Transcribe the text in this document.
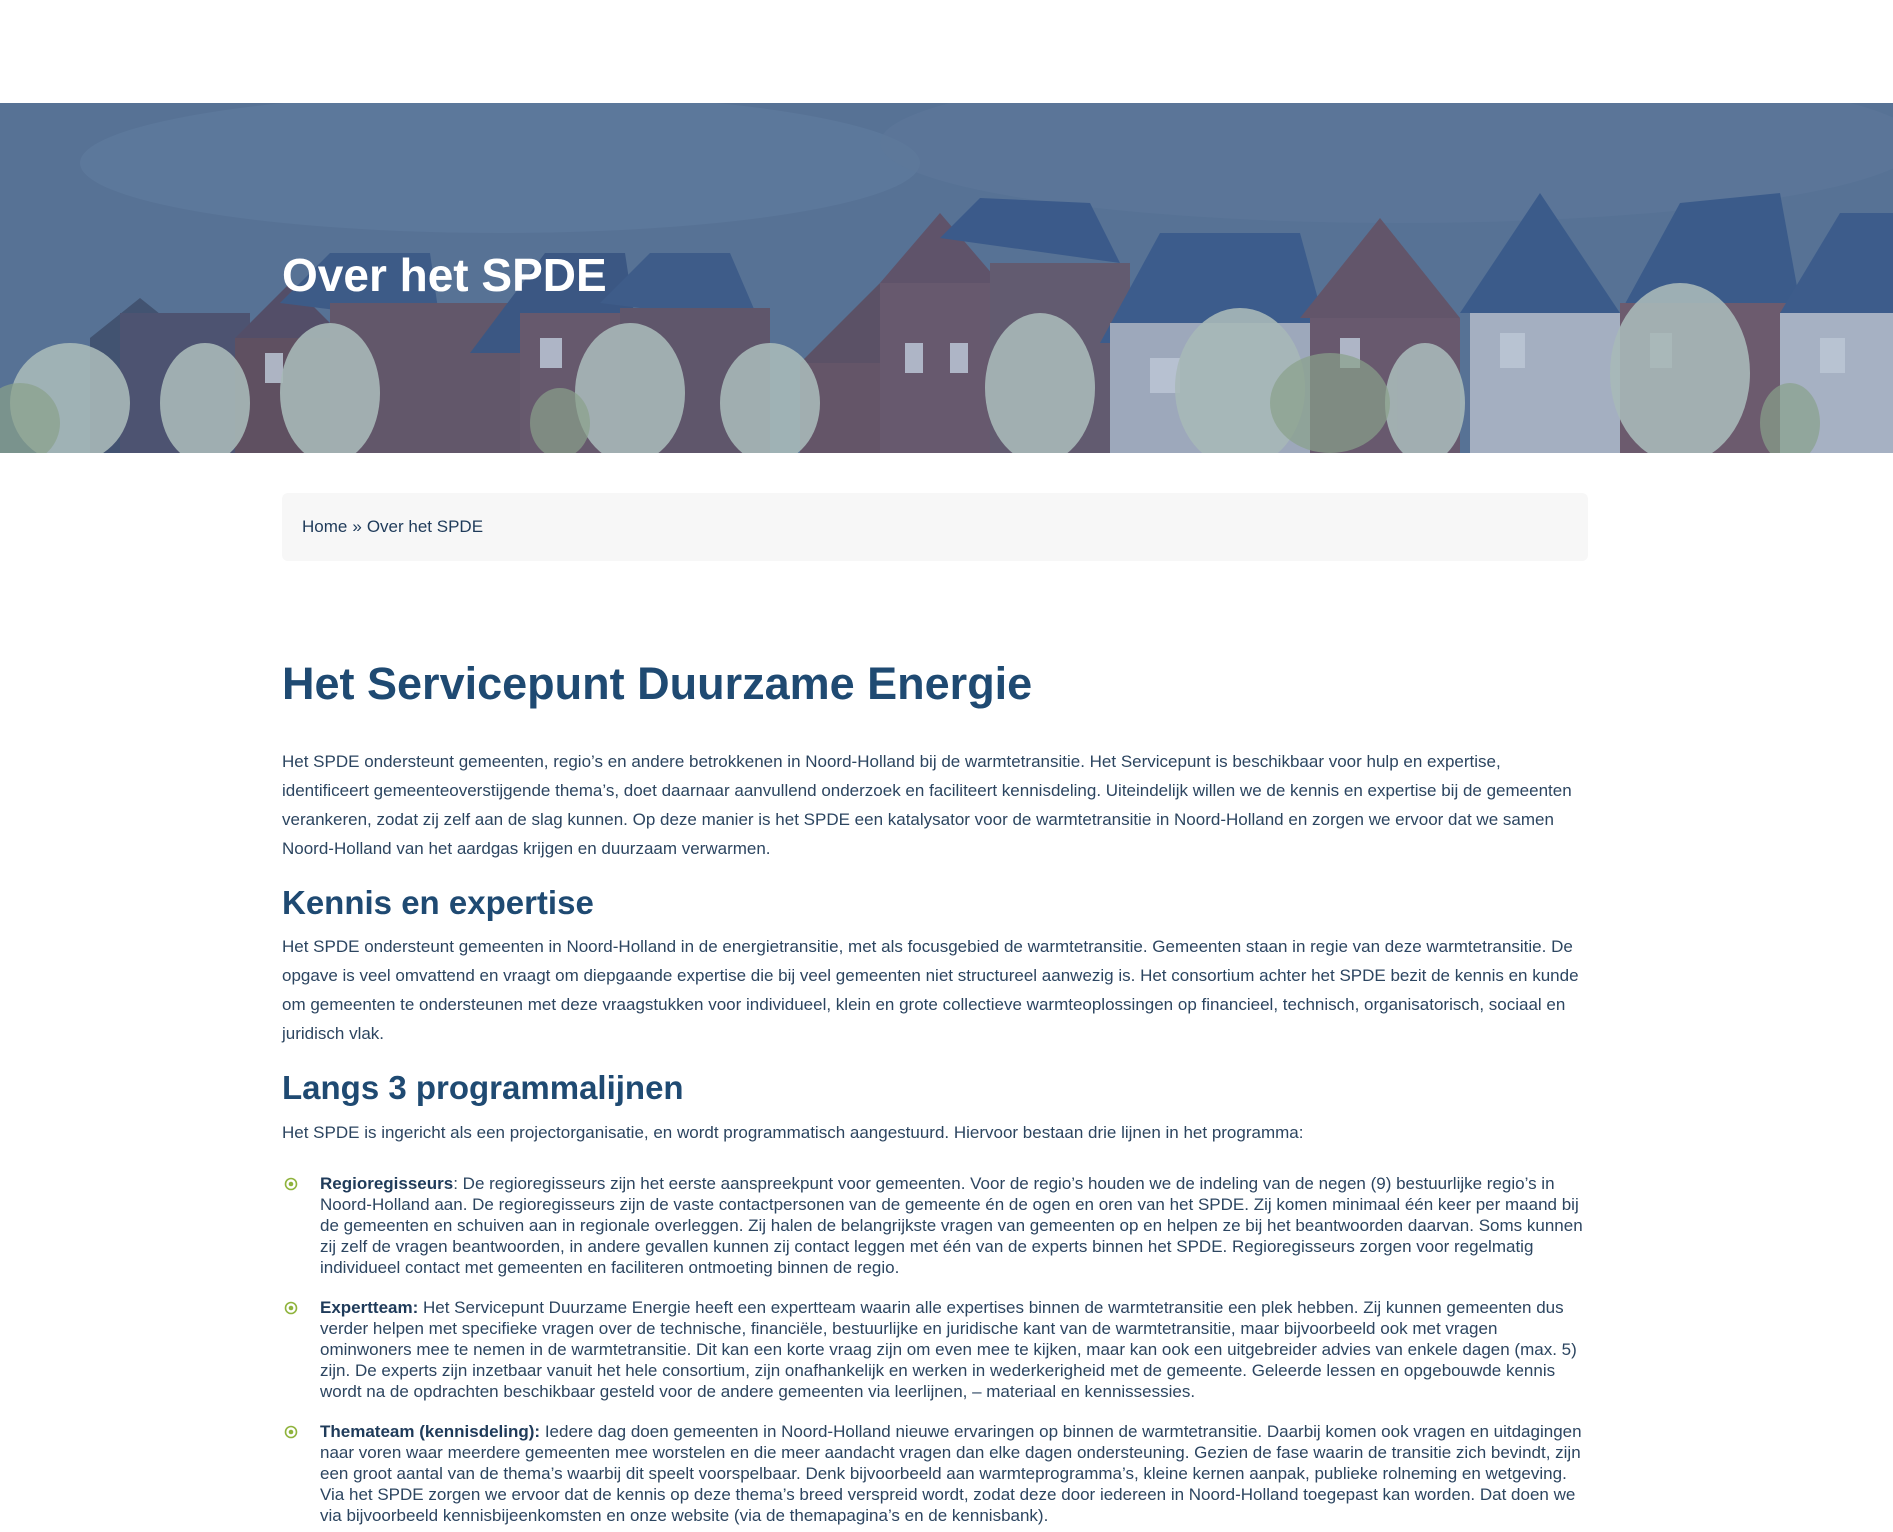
Over het SPDE
Home » Over het SPDE
Het Servicepunt Duurzame Energie

Het SPDE ondersteunt gemeenten, regio’s en andere betrokkenen in Noord-Holland bij de warmtetransitie. Het Servicepunt is beschikbaar voor hulp en expertise, identificeert gemeenteoverstijgende thema’s, doet daarnaar aanvullend onderzoek en faciliteert kennisdeling. Uiteindelijk willen we de kennis en expertise bij de gemeenten verankeren, zodat zij zelf aan de slag kunnen. Op deze manier is het SPDE een katalysator voor de warmtetransitie in Noord-Holland en zorgen we ervoor dat we samen Noord-Holland van het aardgas krijgen en duurzaam verwarmen.

Kennis en expertise

Het SPDE ondersteunt gemeenten in Noord-Holland in de energietransitie, met als focusgebied de warmtetransitie. Gemeenten staan in regie van deze warmtetransitie. De opgave is veel omvattend en vraagt om diepgaande expertise die bij veel gemeenten niet structureel aanwezig is. Het consortium achter het SPDE bezit de kennis en kunde om gemeenten te ondersteunen met deze vraagstukken voor individueel, klein en grote collectieve warmteoplossingen op financieel, technisch, organisatorisch, sociaal en juridisch vlak.

Langs 3 programmalijnen

Het SPDE is ingericht als een projectorganisatie, en wordt programmatisch aangestuurd. Hiervoor bestaan drie lijnen in het programma:

Regioregisseurs: De regioregisseurs zijn het eerste aanspreekpunt voor gemeenten. Voor de regio’s houden we de indeling van de negen (9) bestuurlijke regio’s in Noord-Holland aan. De regioregisseurs zijn de vaste contactpersonen van de gemeente én de ogen en oren van het SPDE. Zij komen minimaal één keer per maand bij de gemeenten en schuiven aan in regionale overleggen. Zij halen de belangrijkste vragen van gemeenten op en helpen ze bij het beantwoorden daarvan. Soms kunnen zij zelf de vragen beantwoorden, in andere gevallen kunnen zij contact leggen met één van de experts binnen het SPDE. Regioregisseurs zorgen voor regelmatig individueel contact met gemeenten en faciliteren ontmoeting binnen de regio.
Expertteam: Het Servicepunt Duurzame Energie heeft een expertteam waarin alle expertises binnen de warmtetransitie een plek hebben. Zij kunnen gemeenten dus verder helpen met specifieke vragen over de technische, financiële, bestuurlijke en juridische kant van de warmtetransitie, maar bijvoorbeeld ook met vragen ominwoners mee te nemen in de warmtetransitie. Dit kan een korte vraag zijn om even mee te kijken, maar kan ook een uitgebreider advies van enkele dagen (max. 5) zijn. De experts zijn inzetbaar vanuit het hele consortium, zijn onafhankelijk en werken in wederkerigheid met de gemeente. Geleerde lessen en opgebouwde kennis wordt na de opdrachten beschikbaar gesteld voor de andere gemeenten via leerlijnen, – materiaal en kennissessies.
Themateam (kennisdeling): Iedere dag doen gemeenten in Noord-Holland nieuwe ervaringen op binnen de warmtetransitie. Daarbij komen ook vragen en uitdagingen naar voren waar meerdere gemeenten mee worstelen en die meer aandacht vragen dan elke dagen ondersteuning. Gezien de fase waarin de transitie zich bevindt, zijn een groot aantal van de thema’s waarbij dit speelt voorspelbaar. Denk bijvoorbeeld aan warmteprogramma’s, kleine kernen aanpak, publieke rolneming en wetgeving. Via het SPDE zorgen we ervoor dat de kennis op deze thema’s breed verspreid wordt, zodat deze door iedereen in Noord-Holland toegepast kan worden. Dat doen we via bijvoorbeeld kennisbijeenkomsten en onze website (via de themapagina’s en de kennisbank).
